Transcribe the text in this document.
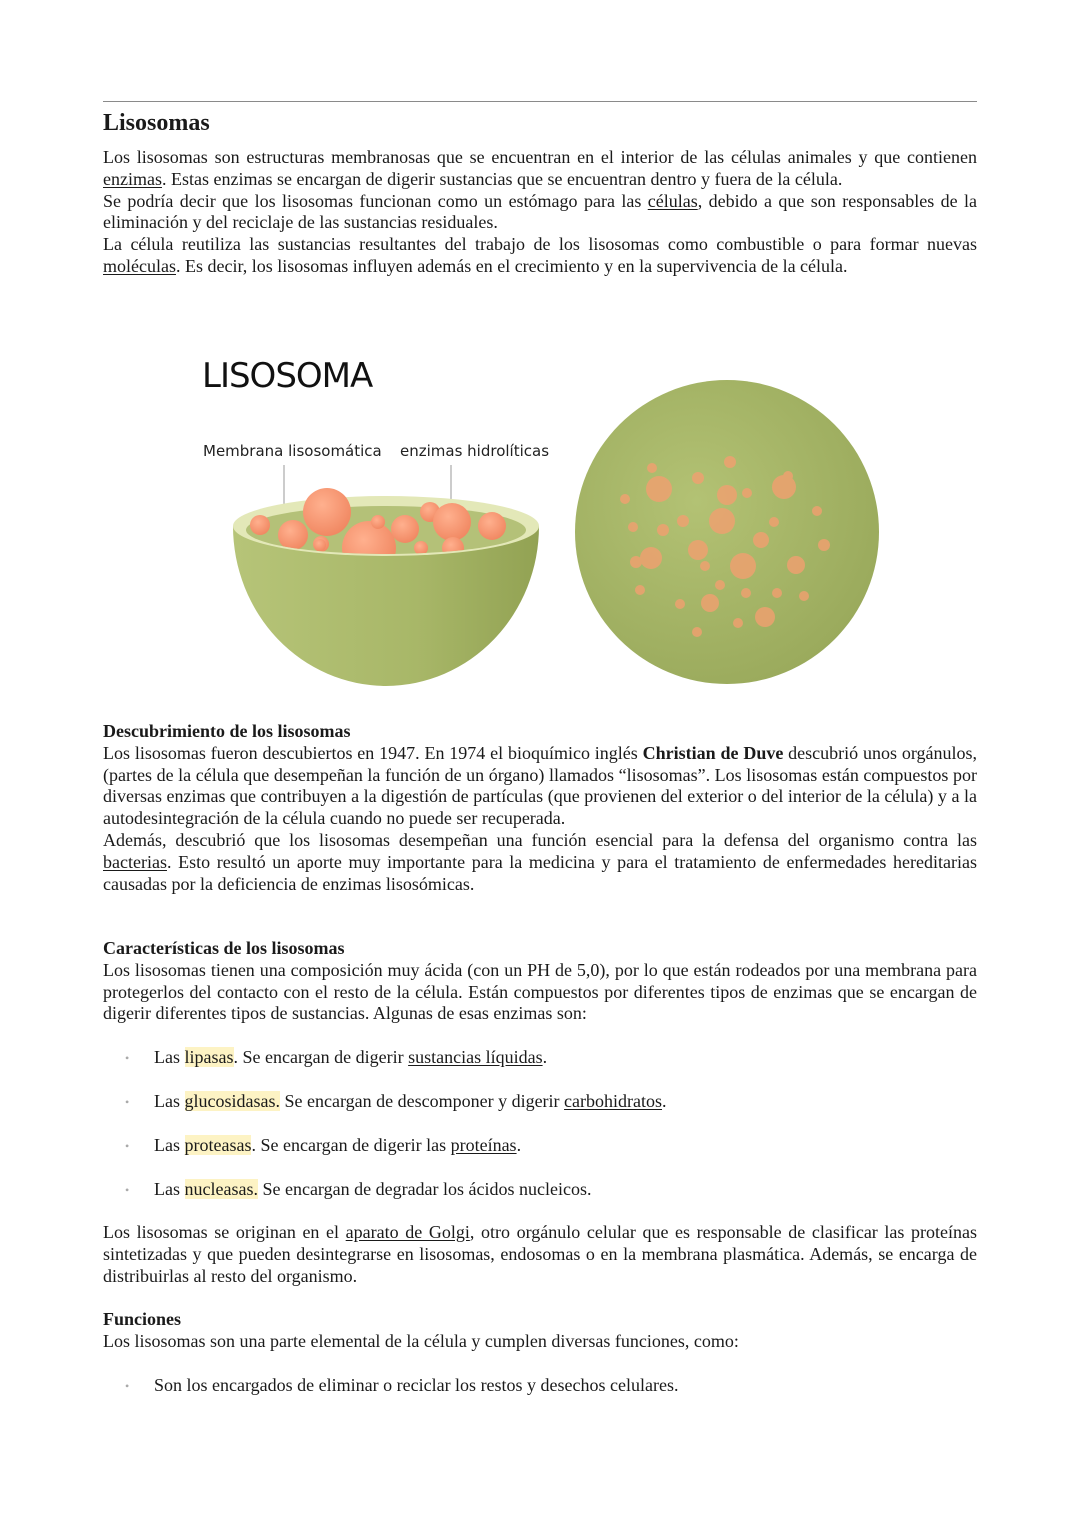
Lisosomas

Los lisosomas son estructuras membranosas que se encuentran en el interior de las células animales y que contienen enzimas. Estas enzimas se encargan de digerir sustancias que se encuentran dentro y fuera de la célula.

Se podría decir que los lisosomas funcionan como un estómago para las células, debido a que son responsables de la eliminación y del reciclaje de las sustancias residuales.

La célula reutiliza las sustancias resultantes del trabajo de los lisosomas como combustible o para formar nuevas moléculas. Es decir, los lisosomas influyen además en el crecimiento y en la supervivencia de la célula.

LISOSOMA
Membrana lisosomática enzimas hidrolíticas

Descubrimiento de los lisosomas

Los lisosomas fueron descubiertos en 1947. En 1974 el bioquímico inglés Christian de Duve descubrió unos orgánulos, (partes de la célula que desempeñan la función de un órgano) llamados “lisosomas”. Los lisosomas están compuestos por diversas enzimas que contribuyen a la digestión de partículas (que provienen del exterior o del interior de la célula) y a la autodesintegración de la célula cuando no puede ser recuperada.

Además, descubrió que los lisosomas desempeñan una función esencial para la defensa del organismo contra las bacterias. Esto resultó un aporte muy importante para la medicina y para el tratamiento de enfermedades hereditarias causadas por la deficiencia de enzimas lisosómicas.

Características de los lisosomas

Los lisosomas tienen una composición muy ácida (con un PH de 5,0), por lo que están rodeados por una membrana para protegerlos del contacto con el resto de la célula. Están compuestos por diferentes tipos de enzimas que se encargan de digerir diferentes tipos de sustancias. Algunas de esas enzimas son:

• Las lipasas. Se encargan de digerir sustancias líquidas.
• Las glucosidasas. Se encargan de descomponer y digerir carbohidratos.
• Las proteasas. Se encargan de digerir las proteínas.
• Las nucleasas. Se encargan de degradar los ácidos nucleicos.

Los lisosomas se originan en el aparato de Golgi, otro orgánulo celular que es responsable de clasificar las proteínas sintetizadas y que pueden desintegrarse en lisosomas, endosomas o en la membrana plasmática. Además, se encarga de distribuirlas al resto del organismo.

Funciones

Los lisosomas son una parte elemental de la célula y cumplen diversas funciones, como:

• Son los encargados de eliminar o reciclar los restos y desechos celulares.
